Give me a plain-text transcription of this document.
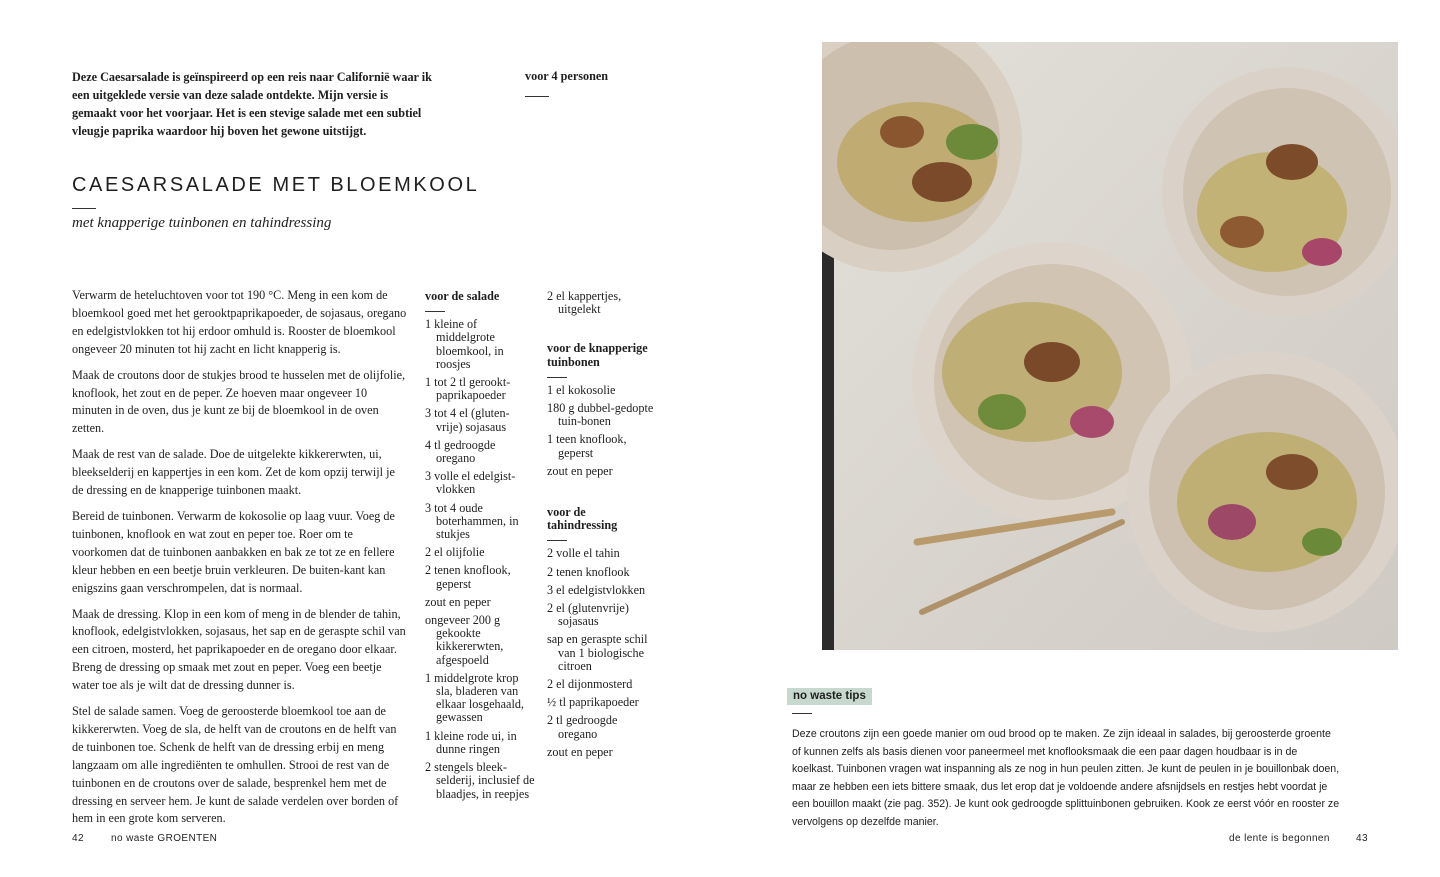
Deze Caesarsalade is geïnspireerd op een reis naar Californië waar ik een uitgeklede versie van deze salade ontdekte. Mijn versie is gemaakt voor het voorjaar. Het is een stevige salade met een subtiel vleugje paprika waardoor hij boven het gewone uitstijgt.
voor 4 personen
CAESARSALADE MET BLOEMKOOL
met knapperige tuinbonen en tahindressing

Verwarm de heteluchtoven voor tot 190 °C. Meng in een kom de bloemkool goed met het gerooktpaprikapoeder, de sojasaus, oregano en edelgistvlokken tot hij erdoor omhuld is. Rooster de bloemkool ongeveer 20 minuten tot hij zacht en licht knapperig is.

Maak de croutons door de stukjes brood te husselen met de olijfolie, knoflook, het zout en de peper. Ze hoeven maar ongeveer 10 minuten in de oven, dus je kunt ze bij de bloemkool in de oven zetten.

Maak de rest van de salade. Doe de uitgelekte kikkererwten, ui, bleekselderij en kappertjes in een kom. Zet de kom opzij terwijl je de dressing en de knapperige tuinbonen maakt.

Bereid de tuinbonen. Verwarm de kokosolie op laag vuur. Voeg de tuinbonen, knoflook en wat zout en peper toe. Roer om te voorkomen dat de tuinbonen aanbakken en bak ze tot ze en fellere kleur hebben en een beetje bruin verkleuren. De buiten-kant kan enigszins gaan verschrompelen, dat is normaal.

Maak de dressing. Klop in een kom of meng in de blender de tahin, knoflook, edelgistvlokken, sojasaus, het sap en de geraspte schil van een citroen, mosterd, het paprikapoeder en de oregano door elkaar. Breng de dressing op smaak met zout en peper. Voeg een beetje water toe als je wilt dat de dressing dunner is.

Stel de salade samen. Voeg de geroosterde bloemkool toe aan de kikkererwten. Voeg de sla, de helft van de croutons en de helft van de tuinbonen toe. Schenk de helft van de dressing erbij en meng langzaam om alle ingrediënten te omhullen. Strooi de rest van de tuinbonen en de croutons over de salade, besprenkel hem met de dressing en serveer hem. Je kunt de salade verdelen over borden of hem in een grote kom serveren.

voor de salade
1 kleine of middelgrote bloemkool, in roosjes
1 tot 2 tl gerookt-paprikapoeder
3 tot 4 el (gluten-vrije) sojasaus
4 tl gedroogde oregano
3 volle el edelgist-vlokken
3 tot 4 oude boterhammen, in stukjes
2 el olijfolie
2 tenen knoflook, geperst
zout en peper
ongeveer 200 g gekookte kikkererwten, afgespoeld
1 middelgrote krop sla, bladeren van elkaar losgehaald, gewassen
1 kleine rode ui, in dunne ringen
2 stengels bleek-selderij, inclusief de blaadjes, in reepjes
2 el kappertjes, uitgelekt
voor de knapperige tuinbonen
1 el kokosolie
180 g dubbel-gedopte tuin-bonen
1 teen knoflook, geperst
zout en peper
voor de tahindressing
2 volle el tahin
2 tenen knoflook
3 el edelgistvlokken
2 el (glutenvrije) sojasaus
sap en geraspte schil van 1 biologische citroen
2 el dijonmosterd
½ tl paprikapoeder
2 tl gedroogde oregano
zout en peper
42	no waste GROENTEN
no waste tips
Deze croutons zijn een goede manier om oud brood op te maken. Ze zijn ideaal in salades, bij geroosterde groente of kunnen zelfs als basis dienen voor paneermeel met knoflooksmaak die een paar dagen houdbaar is in de koelkast. Tuinbonen vragen wat inspanning als ze nog in hun peulen zitten. Je kunt de peulen in je bouillonbak doen, maar ze hebben een iets bittere smaak, dus let erop dat je voldoende andere afsnijdsels en restjes hebt voordat je een bouillon maakt (zie pag. 352). Je kunt ook gedroogde splittuinbonen gebruiken. Kook ze eerst vóór en rooster ze vervolgens op dezelfde manier.
de lente is begonnen	43
